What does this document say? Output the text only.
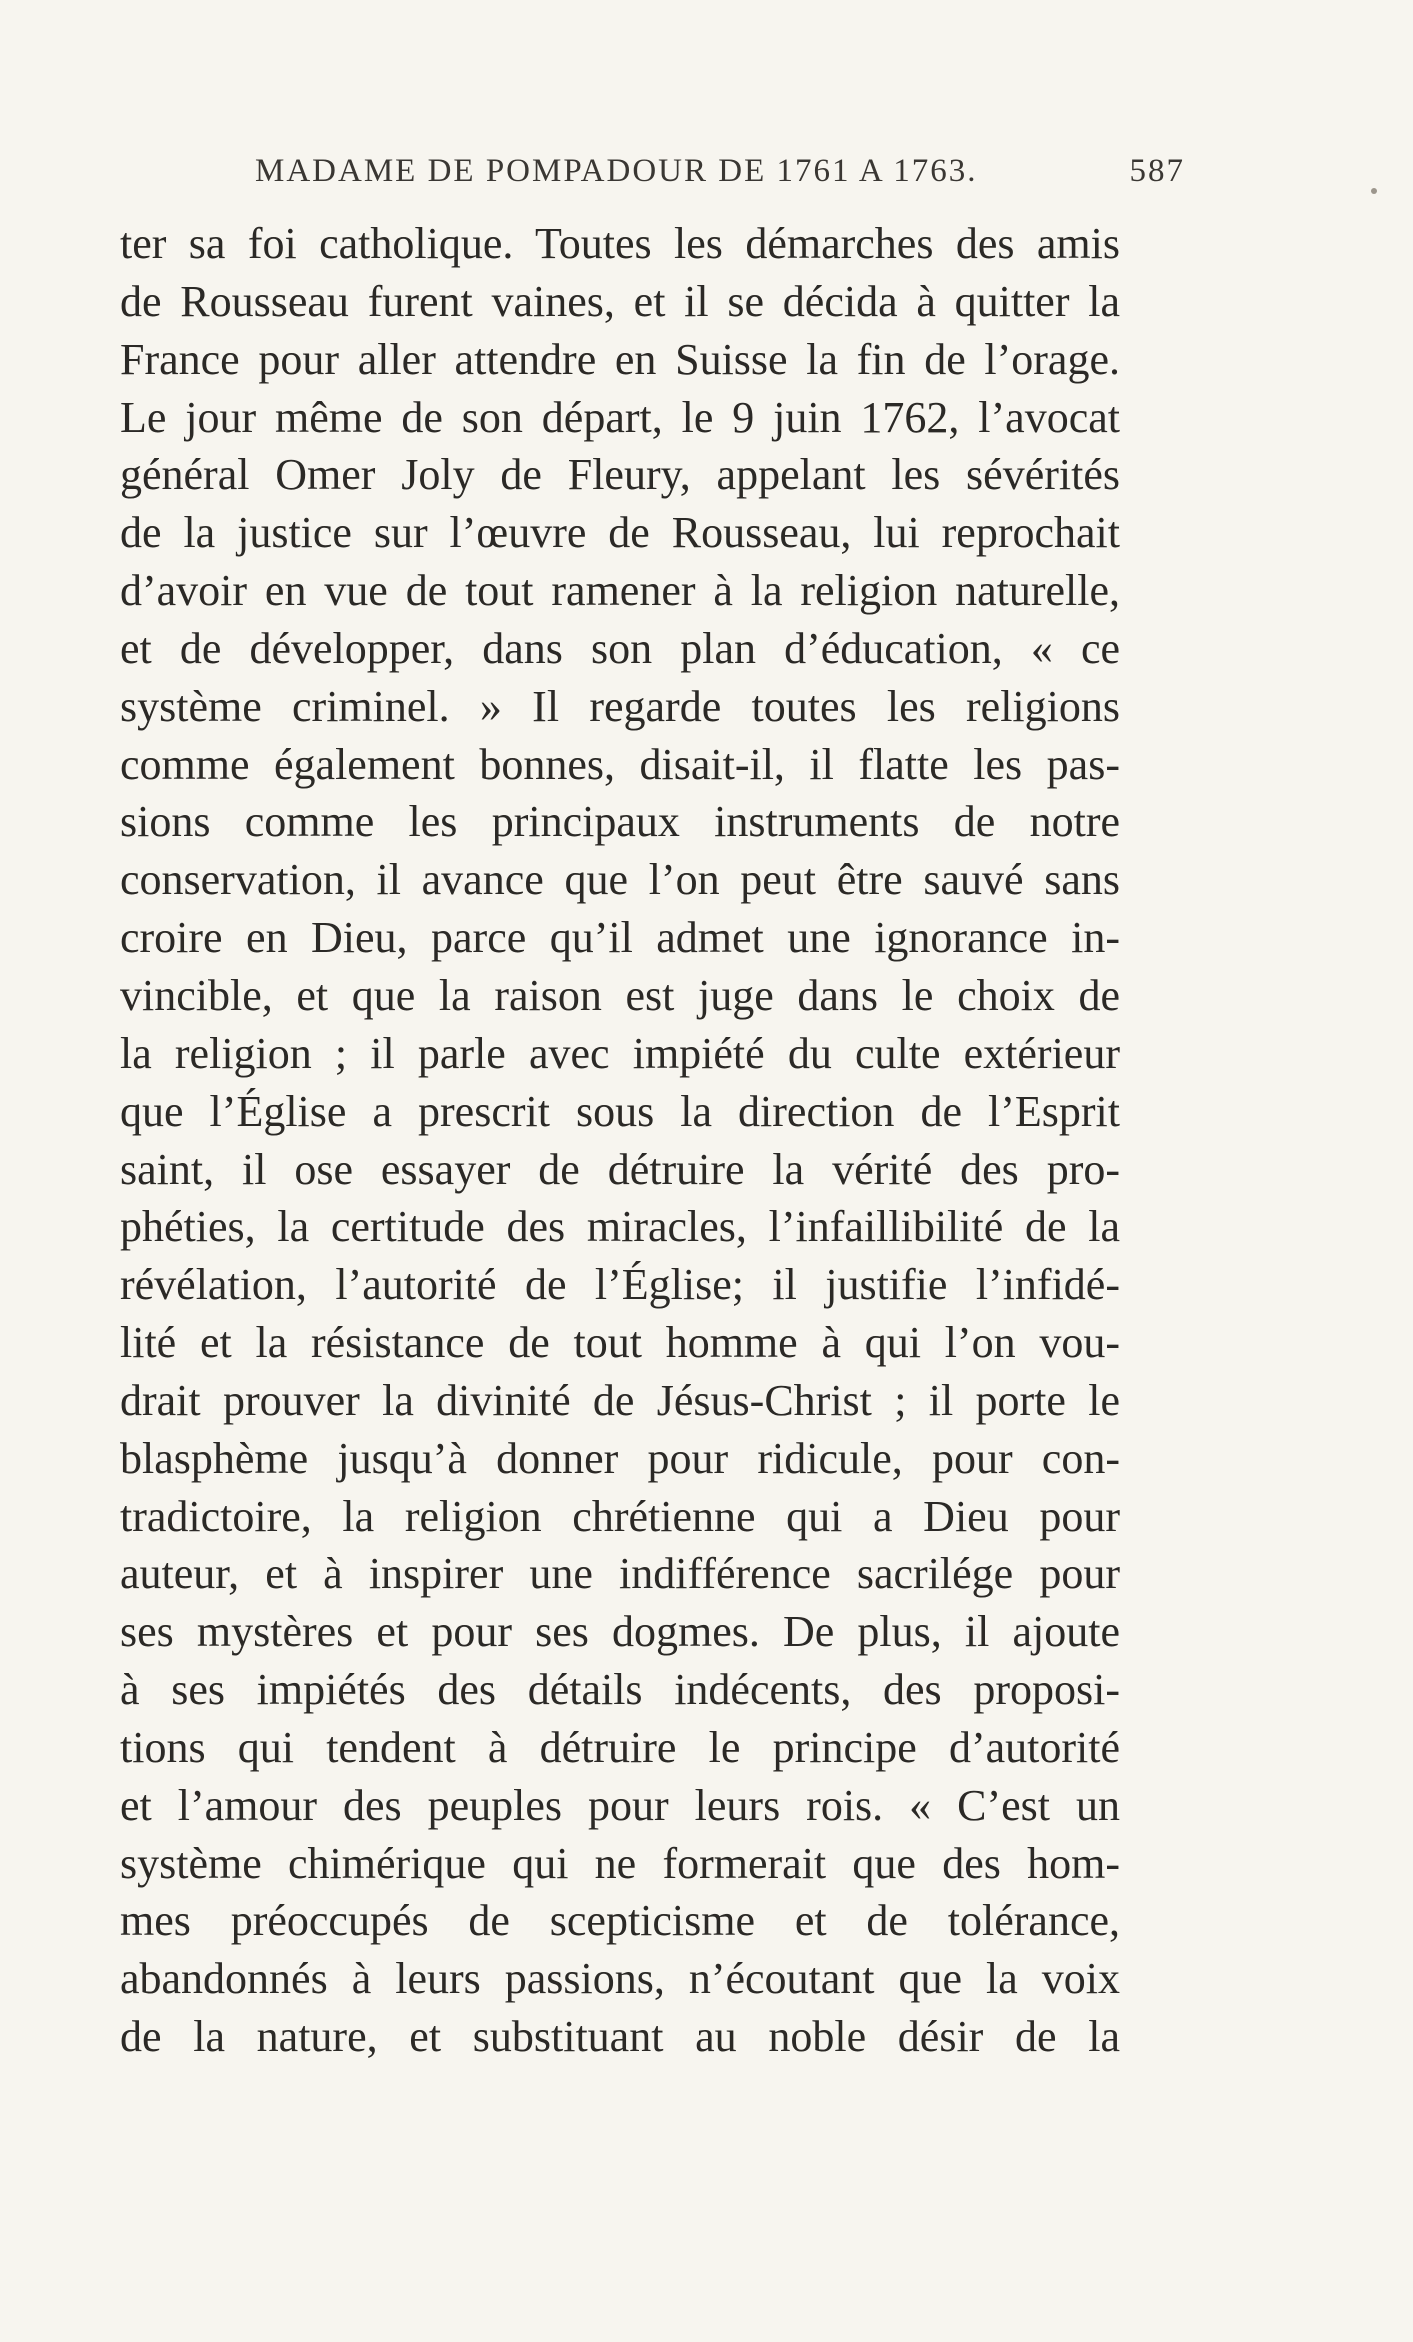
MADAME DE POMPADOUR DE 1761 A 1763.	587
ter sa foi catholique. Toutes les démarches des amis
de Rousseau furent vaines, et il se décida à quitter la
France pour aller attendre en Suisse la fin de l’orage.
Le jour même de son départ, le 9 juin 1762, l’avocat
général Omer Joly de Fleury, appelant les sévérités
de la justice sur l’œuvre de Rousseau, lui reprochait
d’avoir en vue de tout ramener à la religion naturelle,
et de développer, dans son plan d’éducation, « ce
système criminel. » Il regarde toutes les religions
comme également bonnes, disait-il, il flatte les pas-
sions comme les principaux instruments de notre
conservation, il avance que l’on peut être sauvé sans
croire en Dieu, parce qu’il admet une ignorance in-
vincible, et que la raison est juge dans le choix de
la religion ; il parle avec impiété du culte extérieur
que l’Église a prescrit sous la direction de l’Esprit
saint, il ose essayer de détruire la vérité des pro-
phéties, la certitude des miracles, l’infaillibilité de la
révélation, l’autorité de l’Église; il justifie l’infidé-
lité et la résistance de tout homme à qui l’on vou-
drait prouver la divinité de Jésus-Christ ; il porte le
blasphème jusqu’à donner pour ridicule, pour con-
tradictoire, la religion chrétienne qui a Dieu pour
auteur, et à inspirer une indifférence sacrilége pour
ses mystères et pour ses dogmes. De plus, il ajoute
à ses impiétés des détails indécents, des proposi-
tions qui tendent à détruire le principe d’autorité
et l’amour des peuples pour leurs rois. « C’est un
système chimérique qui ne formerait que des hom-
mes préoccupés de scepticisme et de tolérance,
abandonnés à leurs passions, n’écoutant que la voix
de la nature, et substituant au noble désir de la
